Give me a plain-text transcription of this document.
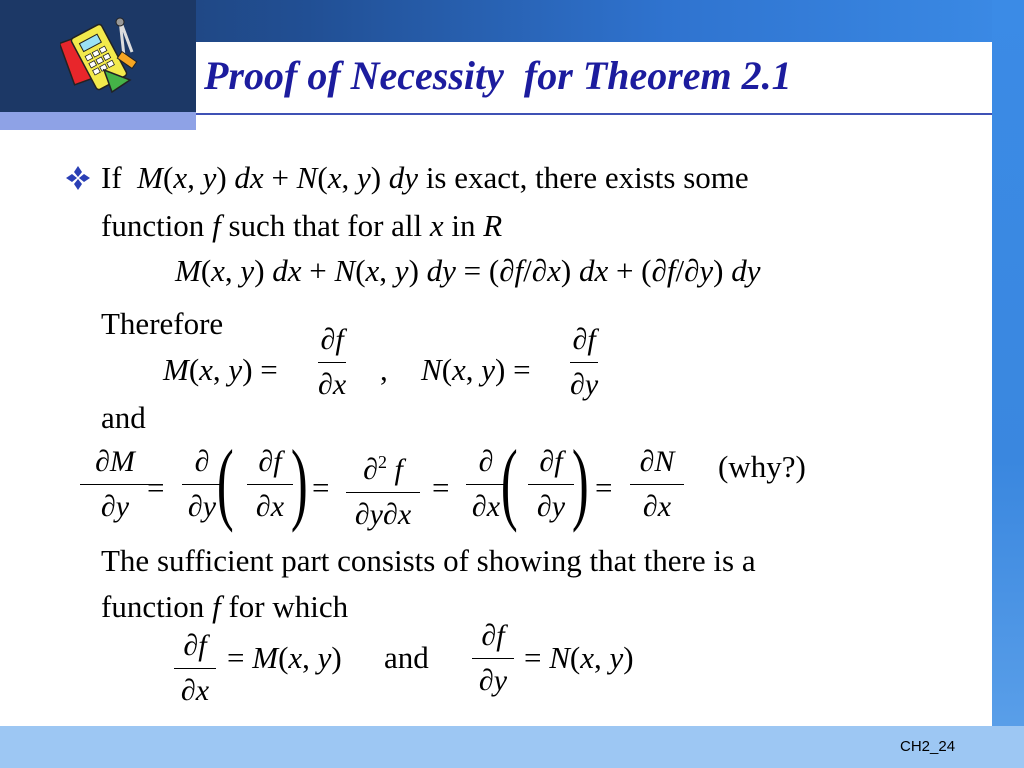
Proof of Necessity  for Theorem 2.1
If M(x, y) dx + N(x, y) dy is exact, there exists some
function f such that for all x in R
M(x, y) dx + N(x, y) dy = (∂f/∂x) dx + (∂f/∂y) dy
Therefore
M(x, y) =
∂f
∂x , N(x, y) =
∂f
∂y
and
∂M
∂y
=
∂
∂y ( ∂f
∂x ) =
∂$^2$ f
∂y∂x
=
∂
∂x ( ∂f
∂y ) =
∂N
∂x
(why?)
The sufficient part consists of showing that there is a
function f for which
∂f
∂x
= M(x, y) and
∂f
∂y
= N(x, y)
CH2_24
